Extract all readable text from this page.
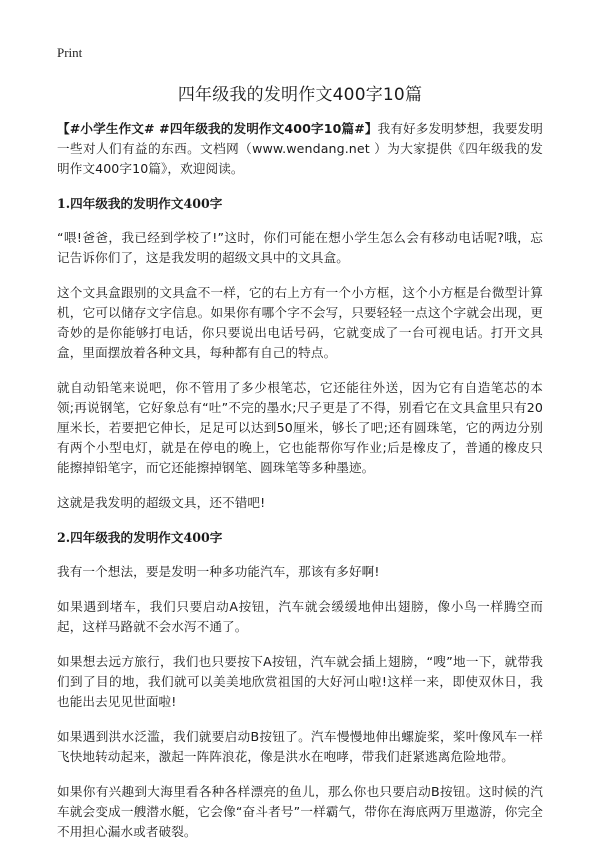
Print
四年级我的发明作文400字10篇

【#小学生作文# #四年级我的发明作文400字10篇#】我有好多发明梦想，我要发明一些对人们有益的东西。文档网（www.wendang.net ）为大家提供《四年级我的发明作文400字10篇》，欢迎阅读。

1.四年级我的发明作文400字

“喂!爸爸，我已经到学校了!”这时，你们可能在想小学生怎么会有移动电话呢?哦，忘记告诉你们了，这是我发明的超级文具中的文具盒。

这个文具盒跟别的文具盒不一样，它的右上方有一个小方框，这个小方框是台微型计算机，它可以储存文字信息。如果你有哪个字不会写，只要轻轻一点这个字就会出现，更奇妙的是你能够打电话，你只要说出电话号码，它就变成了一台可视电话。打开文具盒，里面摆放着各种文具，每种都有自己的特点。

就自动铅笔来说吧，你不管用了多少根笔芯，它还能往外送，因为它有自造笔芯的本领;再说钢笔，它好象总有“吐”不完的墨水;尺子更是了不得，别看它在文具盒里只有20厘米长，若要把它伸长，足足可以达到50厘米，够长了吧;还有圆珠笔，它的两边分别有两个小型电灯，就是在停电的晚上，它也能帮你写作业;后是橡皮了，普通的橡皮只能擦掉铅笔字，而它还能擦掉钢笔、圆珠笔等多种墨迹。

这就是我发明的超级文具，还不错吧!

2.四年级我的发明作文400字

我有一个想法，要是发明一种多功能汽车，那该有多好啊!

如果遇到堵车，我们只要启动A按钮，汽车就会缓缓地伸出翅膀，像小鸟一样腾空而起，这样马路就不会水泻不通了。

如果想去远方旅行，我们也只要按下A按钮，汽车就会插上翅膀，“嗖”地一下，就带我们到了目的地，我们就可以美美地欣赏祖国的大好河山啦!这样一来，即使双休日，我也能出去见见世面啦!

如果遇到洪水泛滥，我们就要启动B按钮了。汽车慢慢地伸出螺旋桨，桨叶像风车一样飞快地转动起来，激起一阵阵浪花，像是洪水在咆哮，带我们赶紧逃离危险地带。

如果你有兴趣到大海里看各种各样漂亮的鱼儿，那么你也只要启动B按钮。这时候的汽车就会变成一艘潜水艇，它会像“奋斗者号”一样霸气，带你在海底两万里遨游，你完全不用担心漏水或者破裂。
